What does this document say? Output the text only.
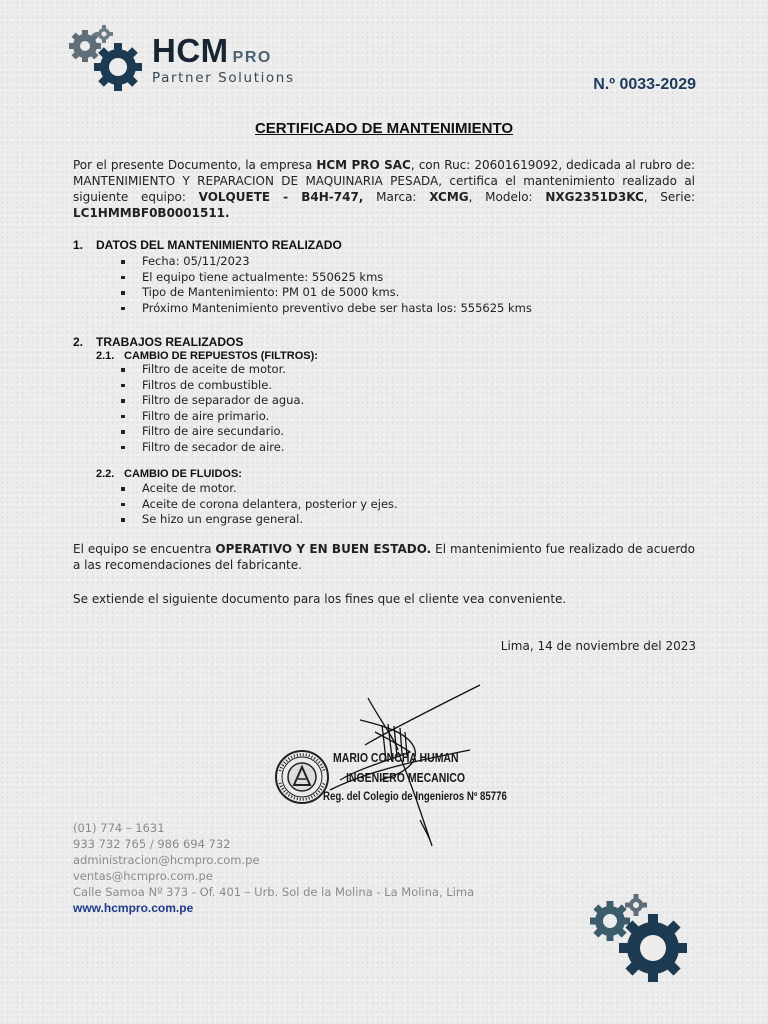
HCM PRO
Partner Solutions	N.º 0033-2029
CERTIFICADO DE MANTENIMIENTO
Por el presente Documento, la empresa HCM PRO SAC, con Ruc: 20601619092, dedicada al rubro de: MANTENIMIENTO Y REPARACION DE MAQUINARIA PESADA, certifica el mantenimiento realizado al siguiente equipo: VOLQUETE - B4H-747, Marca: XCMG, Modelo: NXG2351D3KC, Serie: LC1HMMBF0B0001511.
1. DATOS DEL MANTENIMIENTO REALIZADO
Fecha: 05/11/2023
El equipo tiene actualmente: 550625 kms
Tipo de Mantenimiento: PM 01 de 5000 kms.
Próximo Mantenimiento preventivo debe ser hasta los: 555625 kms
2. TRABAJOS REALIZADOS
2.1. CAMBIO DE REPUESTOS (FILTROS):
Filtro de aceite de motor.
Filtros de combustible.
Filtro de separador de agua.
Filtro de aire primario.
Filtro de aire secundario.
Filtro de secador de aire.
2.2. CAMBIO DE FLUIDOS:
Aceite de motor.
Aceite de corona delantera, posterior y ejes.
Se hizo un engrase general.
El equipo se encuentra OPERATIVO Y EN BUEN ESTADO. El mantenimiento fue realizado de acuerdo a las recomendaciones del fabricante.
Se extiende el siguiente documento para los fines que el cliente vea conveniente.
Lima, 14 de noviembre del 2023
MARIO CONCHA HUMAN
INGENIERO MECANICO
Reg. del Colegio de Ingenieros Nº 85776
(01) 774 – 1631
933 732 765 / 986 694 732
administracion@hcmpro.com.pe
ventas@hcmpro.com.pe
Calle Samoa Nº 373 - Of. 401 – Urb. Sol de la Molina - La Molina, Lima
www.hcmpro.com.pe
